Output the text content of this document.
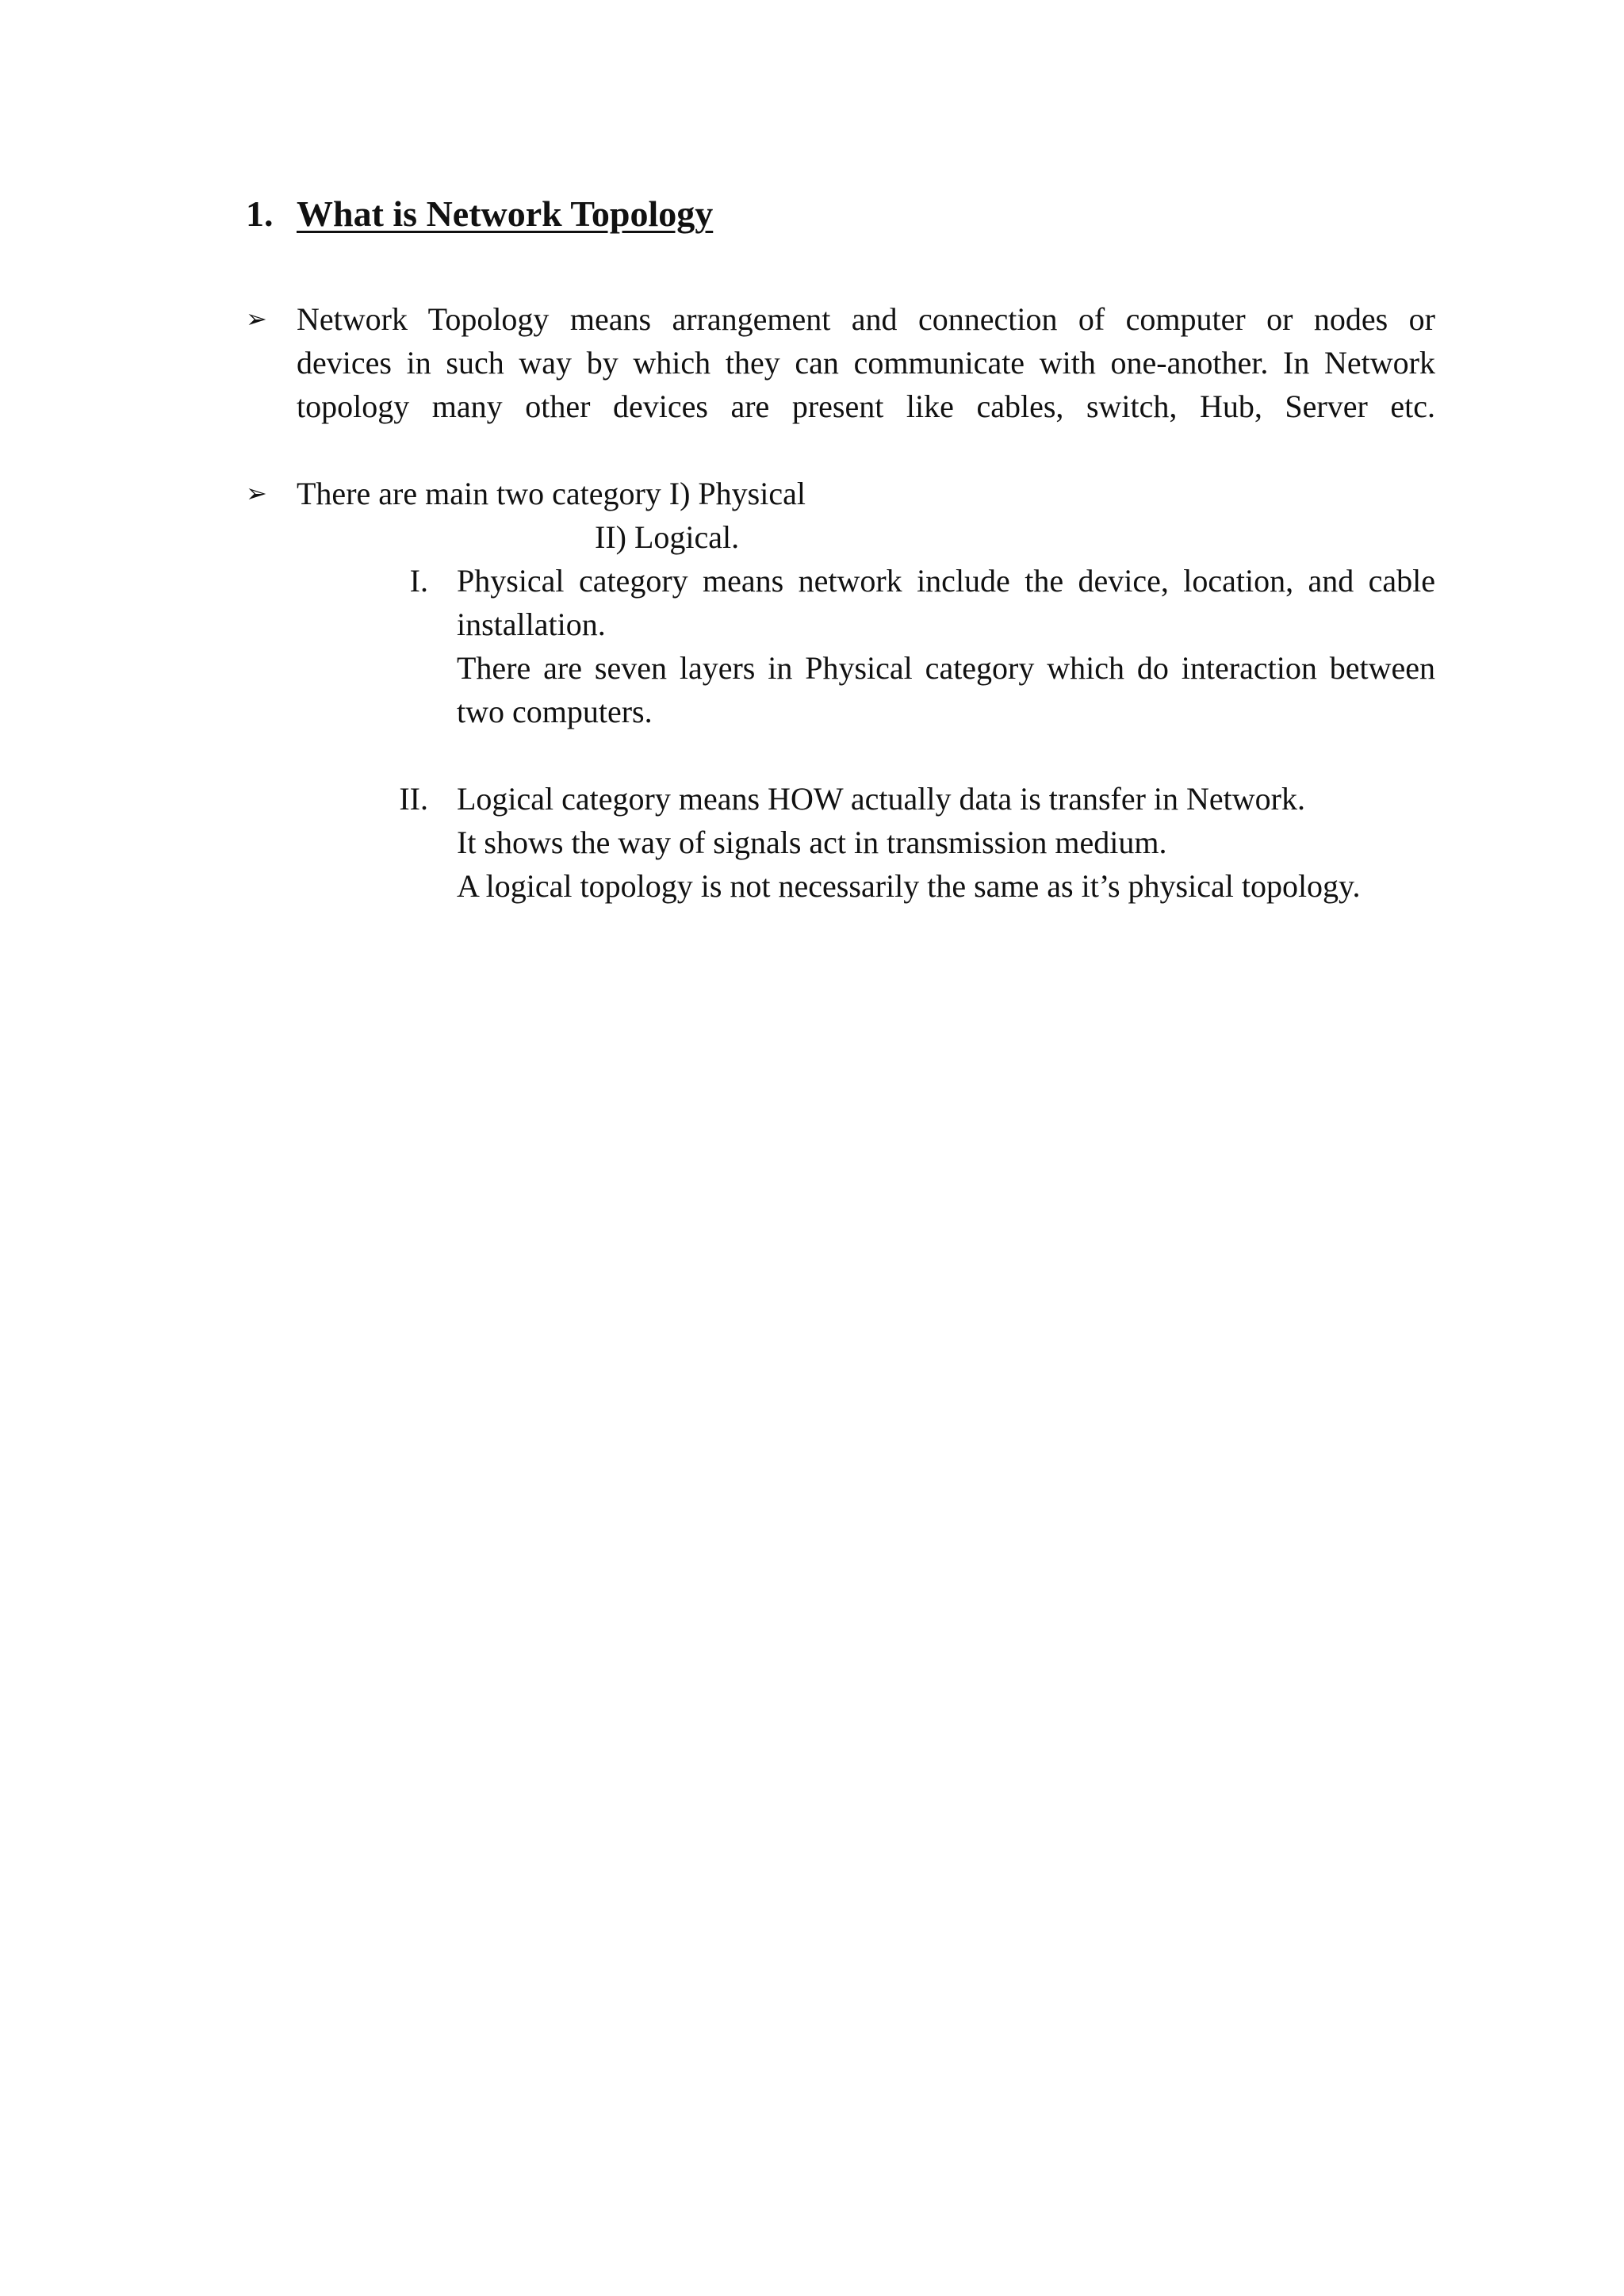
1. What is Network Topology
➢ Network Topology means arrangement and connection of computer or nodes or
devices in such way by which they can communicate with one-another. In Network
topology many other devices are present like cables, switch, Hub, Server etc.
➢ There are main two category I) Physical
II) Logical.
I. Physical category means network include the device, location, and cable
installation.
There are seven layers in Physical category which do interaction between
two computers.
II. Logical category means HOW actually data is transfer in Network.
It shows the way of signals act in transmission medium.
A logical topology is not necessarily the same as it’s physical topology.
